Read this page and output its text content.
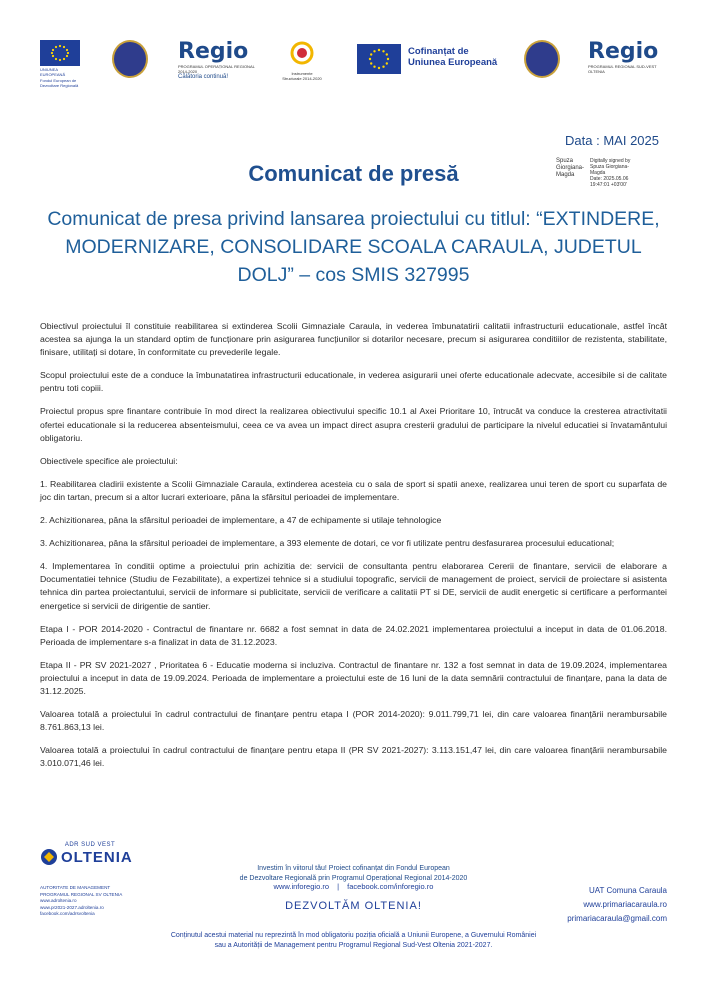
UNIUNEA EUROPEANĂ
Fondul European de Dezvoltare Regională
Regio
PROGRAMUL OPERAȚIONAL REGIONAL 2014-2020
Călătoria continuă!
Instrumente Structurale 2014-2020
Cofinanțat de
Uniunea Europeană	Regio
PROGRAMUL REGIONAL SUD-VEST OLTENIA
Data : MAI 2025
Spuza
Giorgiana-
Magda
Digitally signed by
Spuza Giorgiana-
Magda
Date: 2025.05.06
19:47:01 +03'00'
Comunicat de presă
Comunicat de presa privind lansarea proiectului cu titlul: “EXTINDERE, MODERNIZARE, CONSOLIDARE SCOALA CARAULA, JUDETUL DOLJ” – cos SMIS 327995

Obiectivul proiectului îl constituie reabilitarea si extinderea Scolii Gimnaziale Caraula, in vederea îmbunatatirii calitatii infrastructurii educationale, astfel încât acestea sa ajunga la un standard optim de funcționare prin asigurarea funcțiunilor si dotarilor necesare, precum si asigurarea conditiilor de rezistenta, stabilitate, finisare, utilitați si dotare, în conformitate cu prevederile legale.

Scopul proiectului este de a conduce la îmbunatatirea infrastructurii educationale, in vederea asigurarii unei oferte educationale adecvate, accesibile si de calitate pentru toti copiii.

Proiectul propus spre finantare contribuie în mod direct la realizarea obiectivului specific 10.1 al Axei Prioritare 10, întrucât va conduce la cresterea atractivitatii ofertei educationale si la reducerea absenteismului, ceea ce va avea un impact direct asupra cresterii gradului de participare la nivelul educatiei si învatamântului obligatoriu.

Obiectivele specifice ale proiectului:

1. Reabilitarea cladirii existente a Scolii Gimnaziale Caraula, extinderea acesteia cu o sala de sport si spatii anexe, realizarea unui teren de sport cu suparfata de joc din tartan, precum si a altor lucrari exterioare, pâna la sfârsitul perioadei de implementare.

2. Achizitionarea, pâna la sfârsitul perioadei de implementare, a 47 de echipamente si utilaje tehnologice

3. Achizitionarea, pâna la sfârsitul perioadei de implementare, a 393 elemente de dotari, ce vor fi utilizate pentru desfasurarea procesului educational;

4. Implementarea în conditii optime a proiectului prin achizitia de: servicii de consultanta pentru elaborarea Cererii de finantare, servicii de elaborare a Documentatiei tehnice (Studiu de Fezabilitate), a expertizei tehnice si a studiului topografic, servicii de management de proiect, servicii de proiectare si asistenta tehnica din partea proiectantului, servicii de informare si publicitate, servicii de verificare a calitatii PT si DE, servicii de audit energetic si certificare a performantei energetice si servicii de dirigentie de santier.

Etapa I - POR 2014-2020 - Contractul de finantare nr. 6682 a fost semnat in data de 24.02.2021 implementarea proiectului a inceput in data de 01.06.2018. Perioada de implementare s-a finalizat in data de 31.12.2023.

Etapa II - PR SV 2021-2027 , Prioritatea 6 - Educatie moderna si incluziva. Contractul de finantare nr. 132 a fost semnat in data de 19.09.2024, implementarea proiectului a inceput in data de 19.09.2024. Perioada de implementare a proiectului este de 16 luni de la data semnării contractului de finanțare, pana la data de 31.12.2025.

Valoarea totală a proiectului în cadrul contractului de finanțare pentru etapa I (POR 2014-2020): 9.011.799,71 lei, din care valoarea finanțării nerambursabile 8.761.863,13 lei.

Valoarea totală a proiectului în cadrul contractului de finanțare pentru etapa II (PR SV 2021-2027): 3.113.151,47 lei, din care valoarea finanțării nerambursabile 3.010.071,46 lei.

ADR SUD VEST
OLTENIA
AUTORITATE DE MANAGEMENT
PROGRAMUL REGIONAL SV OLTENIA
www.adroltenia.ro
www.pr2021-2027.adroltenia.ro
facebook.com/adrsvoltenia
Investim în viitorul tău! Proiect cofinanțat din Fondul European
de Dezvoltare Regională prin Programul Operațional Regional 2014-2020
www.inforegio.ro | facebook.com/inforegio.ro
DEZVOLTĂM OLTENIA!
UAT Comuna Caraula
www.primariacaraula.ro
primariacaraula@gmail.com
Conținutul acestui material nu reprezintă în mod obligatoriu poziția oficială a Uniunii Europene, a Guvernului României
sau a Autorității de Management pentru Programul Regional Sud-Vest Oltenia 2021-2027.
